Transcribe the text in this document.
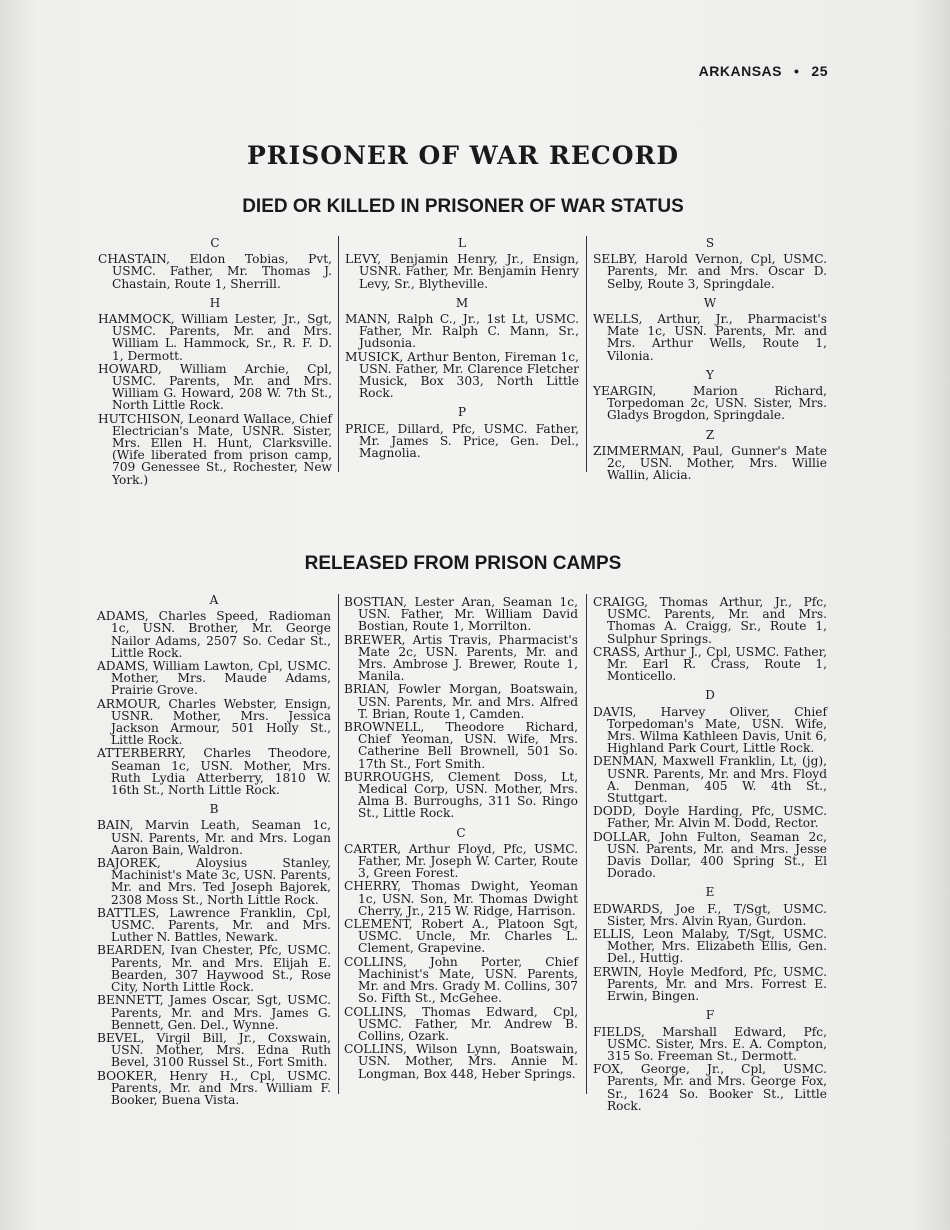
ARKANSAS • 25
PRISONER OF WAR RECORD
DIED OR KILLED IN PRISONER OF WAR STATUS
C
CHASTAIN, Eldon Tobias, Pvt, USMC. Father, Mr. Thomas J. Chastain, Route 1, Sherrill.
H
HAMMOCK, William Lester, Jr., Sgt, USMC. Parents, Mr. and Mrs. William L. Hammock, Sr., R. F. D. 1, Dermott.
HOWARD, William Archie, Cpl, USMC. Parents, Mr. and Mrs. William G. Howard, 208 W. 7th St., North Little Rock.
HUTCHISON, Leonard Wallace, Chief Electrician's Mate, USNR. Sister, Mrs. Ellen H. Hunt, Clarksville. (Wife liberated from prison camp, 709 Genessee St., Rochester, New York.)
L
LEVY, Benjamin Henry, Jr., Ensign, USNR. Father, Mr. Benjamin Henry Levy, Sr., Blytheville.
M
MANN, Ralph C., Jr., 1st Lt, USMC. Father, Mr. Ralph C. Mann, Sr., Judsonia.
MUSICK, Arthur Benton, Fireman 1c, USN. Father, Mr. Clarence Fletcher Musick, Box 303, North Little Rock.
P
PRICE, Dillard, Pfc, USMC. Father, Mr. James S. Price, Gen. Del., Magnolia.
S
SELBY, Harold Vernon, Cpl, USMC. Parents, Mr. and Mrs. Oscar D. Selby, Route 3, Springdale.
W
WELLS, Arthur, Jr., Pharmacist's Mate 1c, USN. Parents, Mr. and Mrs. Arthur Wells, Route 1, Vilonia.
Y
YEARGIN, Marion Richard, Torpedoman 2c, USN. Sister, Mrs. Gladys Brogdon, Springdale.
Z
ZIMMERMAN, Paul, Gunner's Mate 2c, USN. Mother, Mrs. Willie Wallin, Alicia.
RELEASED FROM PRISON CAMPS
A
ADAMS, Charles Speed, Radioman 1c, USN. Brother, Mr. George Nailor Adams, 2507 So. Cedar St., Little Rock.
ADAMS, William Lawton, Cpl, USMC. Mother, Mrs. Maude Adams, Prairie Grove.
ARMOUR, Charles Webster, Ensign, USNR. Mother, Mrs. Jessica Jackson Armour, 501 Holly St., Little Rock.
ATTERBERRY, Charles Theodore, Seaman 1c, USN. Mother, Mrs. Ruth Lydia Atterberry, 1810 W. 16th St., North Little Rock.
B
BAIN, Marvin Leath, Seaman 1c, USN. Parents, Mr. and Mrs. Logan Aaron Bain, Waldron.
BAJOREK, Aloysius Stanley, Machinist's Mate 3c, USN. Parents, Mr. and Mrs. Ted Joseph Bajorek, 2308 Moss St., North Little Rock.
BATTLES, Lawrence Franklin, Cpl, USMC. Parents, Mr. and Mrs. Luther N. Battles, Newark.
BEARDEN, Ivan Chester, Pfc, USMC. Parents, Mr. and Mrs. Elijah E. Bearden, 307 Haywood St., Rose City, North Little Rock.
BENNETT, James Oscar, Sgt, USMC. Parents, Mr. and Mrs. James G. Bennett, Gen. Del., Wynne.
BEVEL, Virgil Bill, Jr., Coxswain, USN. Mother, Mrs. Edna Ruth Bevel, 3100 Russel St., Fort Smith.
BOOKER, Henry H., Cpl, USMC. Parents, Mr. and Mrs. William F. Booker, Buena Vista.
BOSTIAN, Lester Aran, Seaman 1c, USN. Father, Mr. William David Bostian, Route 1, Morrilton.
BREWER, Artis Travis, Pharmacist's Mate 2c, USN. Parents, Mr. and Mrs. Ambrose J. Brewer, Route 1, Manila.
BRIAN, Fowler Morgan, Boatswain, USN. Parents, Mr. and Mrs. Alfred T. Brian, Route 1, Camden.
BROWNELL, Theodore Richard, Chief Yeoman, USN. Wife, Mrs. Catherine Bell Brownell, 501 So. 17th St., Fort Smith.
BURROUGHS, Clement Doss, Lt, Medical Corp, USN. Mother, Mrs. Alma B. Burroughs, 311 So. Ringo St., Little Rock.
C
CARTER, Arthur Floyd, Pfc, USMC. Father, Mr. Joseph W. Carter, Route 3, Green Forest.
CHERRY, Thomas Dwight, Yeoman 1c, USN. Son, Mr. Thomas Dwight Cherry, Jr., 215 W. Ridge, Harrison.
CLEMENT, Robert A., Platoon Sgt, USMC. Uncle, Mr. Charles L. Clement, Grapevine.
COLLINS, John Porter, Chief Machinist's Mate, USN. Parents, Mr. and Mrs. Grady M. Collins, 307 So. Fifth St., McGehee.
COLLINS, Thomas Edward, Cpl, USMC. Father, Mr. Andrew B. Collins, Ozark.
COLLINS, Wilson Lynn, Boatswain, USN. Mother, Mrs. Annie M. Longman, Box 448, Heber Springs.
CRAIGG, Thomas Arthur, Jr., Pfc, USMC. Parents, Mr. and Mrs. Thomas A. Craigg, Sr., Route 1, Sulphur Springs.
CRASS, Arthur J., Cpl, USMC. Father, Mr. Earl R. Crass, Route 1, Monticello.
D
DAVIS, Harvey Oliver, Chief Torpedoman's Mate, USN. Wife, Mrs. Wilma Kathleen Davis, Unit 6, Highland Park Court, Little Rock.
DENMAN, Maxwell Franklin, Lt, (jg), USNR. Parents, Mr. and Mrs. Floyd A. Denman, 405 W. 4th St., Stuttgart.
DODD, Doyle Harding, Pfc, USMC. Father, Mr. Alvin M. Dodd, Rector.
DOLLAR, John Fulton, Seaman 2c, USN. Parents, Mr. and Mrs. Jesse Davis Dollar, 400 Spring St., El Dorado.
E
EDWARDS, Joe F., T/Sgt, USMC. Sister, Mrs. Alvin Ryan, Gurdon.
ELLIS, Leon Malaby, T/Sgt, USMC. Mother, Mrs. Elizabeth Ellis, Gen. Del., Huttig.
ERWIN, Hoyle Medford, Pfc, USMC. Parents, Mr. and Mrs. Forrest E. Erwin, Bingen.
F
FIELDS, Marshall Edward, Pfc, USMC. Sister, Mrs. E. A. Compton, 315 So. Freeman St., Dermott.
FOX, George, Jr., Cpl, USMC. Parents, Mr. and Mrs. George Fox, Sr., 1624 So. Booker St., Little Rock.
